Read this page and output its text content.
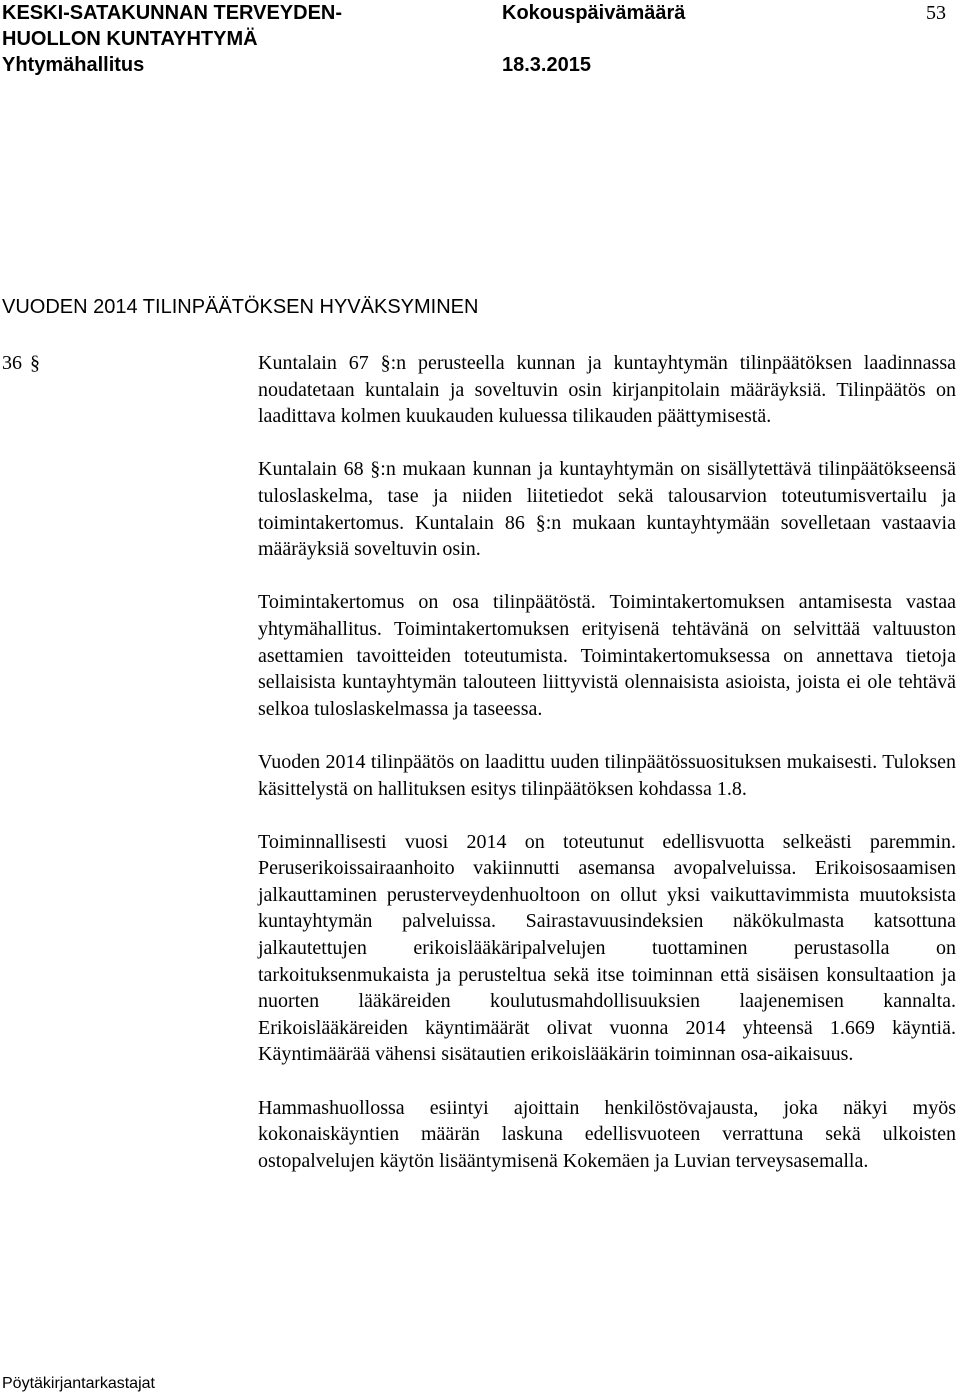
KESKI-SATAKUNNAN TERVEYDEN-
HUOLLON KUNTAYHTYMÄ
Yhtymähallitus
Kokouspäivämäärä
18.3.2015
53
VUODEN 2014 TILINPÄÄTÖKSEN HYVÄKSYMINEN
36 §	Kuntalain 67 §:n perusteella kunnan ja kuntayhtymän tilinpäätöksen laadinnassa noudatetaan kuntalain ja soveltuvin osin kirjanpitolain määräyksiä. Tilinpäätös on laadittava kolmen kuukauden kuluessa tilikauden päättymisestä.

Kuntalain 68 §:n mukaan kunnan ja kuntayhtymän on sisällytettävä tilinpäätökseensä tuloslaskelma, tase ja niiden liitetiedot sekä talousarvion toteutumisvertailu ja toimintakertomus. Kuntalain 86 §:n mukaan kuntayhtymään sovelletaan vastaavia määräyksiä soveltuvin osin.

Toimintakertomus on osa tilinpäätöstä. Toimintakertomuksen antamisesta vastaa yhtymähallitus. Toimintakertomuksen erityisenä tehtävänä on selvittää valtuuston asettamien tavoitteiden toteutumista. Toimintakertomuksessa on annettava tietoja sellaisista kuntayhtymän talouteen liittyvistä olennaisista asioista, joista ei ole tehtävä selkoa tuloslaskelmassa ja taseessa.

Vuoden 2014 tilinpäätös on laadittu uuden tilinpäätössuosituksen mukaisesti. Tuloksen käsittelystä on hallituksen esitys tilinpäätöksen kohdassa 1.8.

Toiminnallisesti vuosi 2014 on toteutunut edellisvuotta selkeästi paremmin. Peruserikoissairaanhoito vakiinnutti asemansa avopalveluissa. Erikoisosaamisen jalkauttaminen perusterveydenhuoltoon on ollut yksi vaikuttavimmista muutoksista kuntayhtymän palveluissa. Sairastavuusindeksien näkökulmasta katsottuna jalkautettujen erikoislääkäripalvelujen tuottaminen perustasolla on tarkoituksenmukaista ja perusteltua sekä itse toiminnan että sisäisen konsultaation ja nuorten lääkäreiden koulutusmahdollisuuksien laajenemisen kannalta. Erikoislääkäreiden käyntimäärät olivat vuonna 2014 yhteensä 1.669 käyntiä. Käyntimäärää vähensi sisätautien erikoislääkärin toiminnan osa-aikaisuus.

Hammashuollossa esiintyi ajoittain henkilöstövajausta, joka näkyi myös kokonaiskäyntien määrän laskuna edellisvuoteen verrattuna sekä ulkoisten ostopalvelujen käytön lisääntymisenä Kokemäen ja Luvian terveysasemalla.

Pöytäkirjantarkastajat
